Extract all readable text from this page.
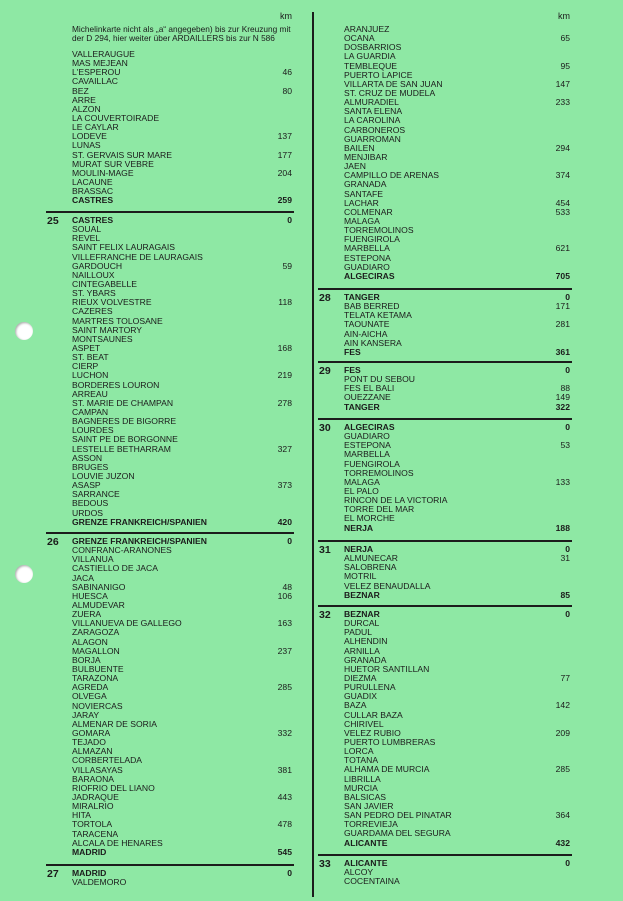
km
Michelinkarte nicht als „a“ angegeben) bis zur Kreuzung mit der D 294, hier weiter über ARDAILLERS bis zur N 586
VALLERAUGUE
MAS MEJEAN
L'ESPEROU	46
CAVAILLAC
BEZ	80
ARRE
ALZON
LA COUVERTOIRADE
LE CAYLAR
LODEVE	137
LUNAS
ST. GERVAIS SUR MARE	177
MURAT SUR VEBRE
MOULIN-MAGE	204
LACAUNE
BRASSAC
CASTRES	259
25	CASTRES	0
SOUAL
REVEL
SAINT FELIX LAURAGAIS
VILLEFRANCHE DE LAURAGAIS
GARDOUCH	59
NAILLOUX
CINTEGABELLE
ST. YBARS
RIEUX VOLVESTRE	118
CAZERES
MARTRES TOLOSANE
SAINT MARTORY
MONTSAUNES
ASPET	168
ST. BEAT
CIERP
LUCHON	219
BORDERES LOURON
ARREAU
ST. MARIE DE CHAMPAN	278
CAMPAN
BAGNERES DE BIGORRE
LOURDES
SAINT PE DE BORGONNE
LESTELLE BETHARRAM	327
ASSON
BRUGES
LOUVIE JUZON
ASASP	373
SARRANCE
BEDOUS
URDOS
GRENZE FRANKREICH/SPANIEN	420
26	GRENZE FRANKREICH/SPANIEN	0
CONFRANC-ARANONES
VILLANUA
CASTIELLO DE JACA
JACA
SABINANIGO	48
HUESCA	106
ALMUDEVAR
ZUERA
VILLANUEVA DE GALLEGO	163
ZARAGOZA
ALAGON
MAGALLON	237
BORJA
BULBUENTE
TARAZONA
AGREDA	285
OLVEGA
NOVIERCAS
JARAY
ALMENAR DE SORIA
GOMARA	332
TEJADO
ALMAZAN
CORBERTELADA
VILLASAYAS	381
BARAONA
RIOFRIO DEL LIANO
JADRAQUE	443
MIRALRIO
HITA
TORTOLA	478
TARACENA
ALCALA DE HENARES
MADRID	545
27	MADRID	0
VALDEMORO
km
ARANJUEZ
OCANA	65
DOSBARRIOS
LA GUARDIA
TEMBLEQUE	95
PUERTO LAPICE
VILLARTA DE SAN JUAN	147
ST. CRUZ DE MUDELA
ALMURADIEL	233
SANTA ELENA
LA CAROLINA
CARBONEROS
GUARROMAN
BAILEN	294
MENJIBAR
JAEN
CAMPILLO DE ARENAS	374
GRANADA
SANTAFE
LACHAR	454
COLMENAR	533
MALAGA
TORREMOLINOS
FUENGIROLA
MARBELLA	621
ESTEPONA
GUADIARO
ALGECIRAS	705
28	TANGER	0
BAB BERRED	171
TELATA KETAMA
TAOUNATE	281
AIN-AICHA
AIN KANSERA
FES	361
29	FES	0
PONT DU SEBOU
FES EL BALI	88
OUEZZANE	149
TANGER	322
30	ALGECIRAS	0
GUADIARO
ESTEPONA	53
MARBELLA
FUENGIROLA
TORREMOLINOS
MALAGA	133
EL PALO
RINCON DE LA VICTORIA
TORRE DEL MAR
EL MORCHE
NERJA	188
31	NERJA	0
ALMUNECAR	31
SALOBRENA
MOTRIL
VELEZ BENAUDALLA
BEZNAR	85
32	BEZNAR	0
DURCAL
PADUL
ALHENDIN
ARNILLA
GRANADA
HUETOR SANTILLAN
DIEZMA	77
PURULLENA
GUADIX
BAZA	142
CULLAR BAZA
CHIRIVEL
VELEZ RUBIO	209
PUERTO LUMBRERAS
LORCA
TOTANA
ALHAMA DE MURCIA	285
LIBRILLA
MURCIA
BALSICAS
SAN JAVIER
SAN PEDRO DEL PINATAR	364
TORREVIEJA
GUARDAMA DEL SEGURA
ALICANTE	432
33	ALICANTE	0
ALCOY
COCENTAINA
